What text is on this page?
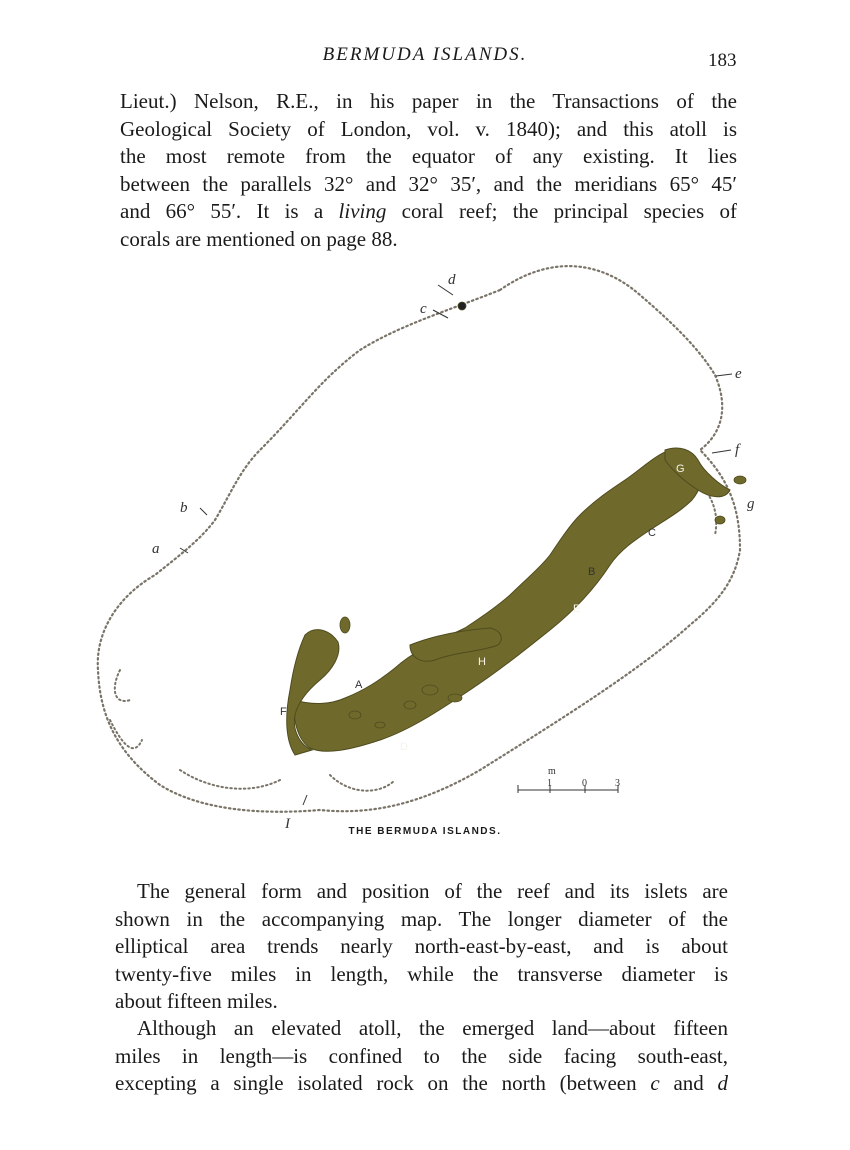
BERMUDA ISLANDS.	183
Lieut.) Nelson, R.E., in his paper in the Transactions of the
Geological Society of London, vol. v. 1840); and this atoll is
the most remote from the equator of any existing. It lies
between the parallels 32° and 32° 35′, and the meridians 65° 45′
and 66° 55′. It is a living coral reef; the principal species of
corals are mentioned on page 88.
A
B
C
D
E
F
G
H
a
b
c
d
e
f
g
I
m
1	0	3
THE BERMUDA ISLANDS.
The general form and position of the reef and its islets are
shown in the accompanying map. The longer diameter of the
elliptical area trends nearly north-east-by-east, and is about
twenty-five miles in length, while the transverse diameter is
about fifteen miles.
Although an elevated atoll, the emerged land—about fifteen
miles in length—is confined to the side facing south-east,
excepting a single isolated rock on the north (between c and d
